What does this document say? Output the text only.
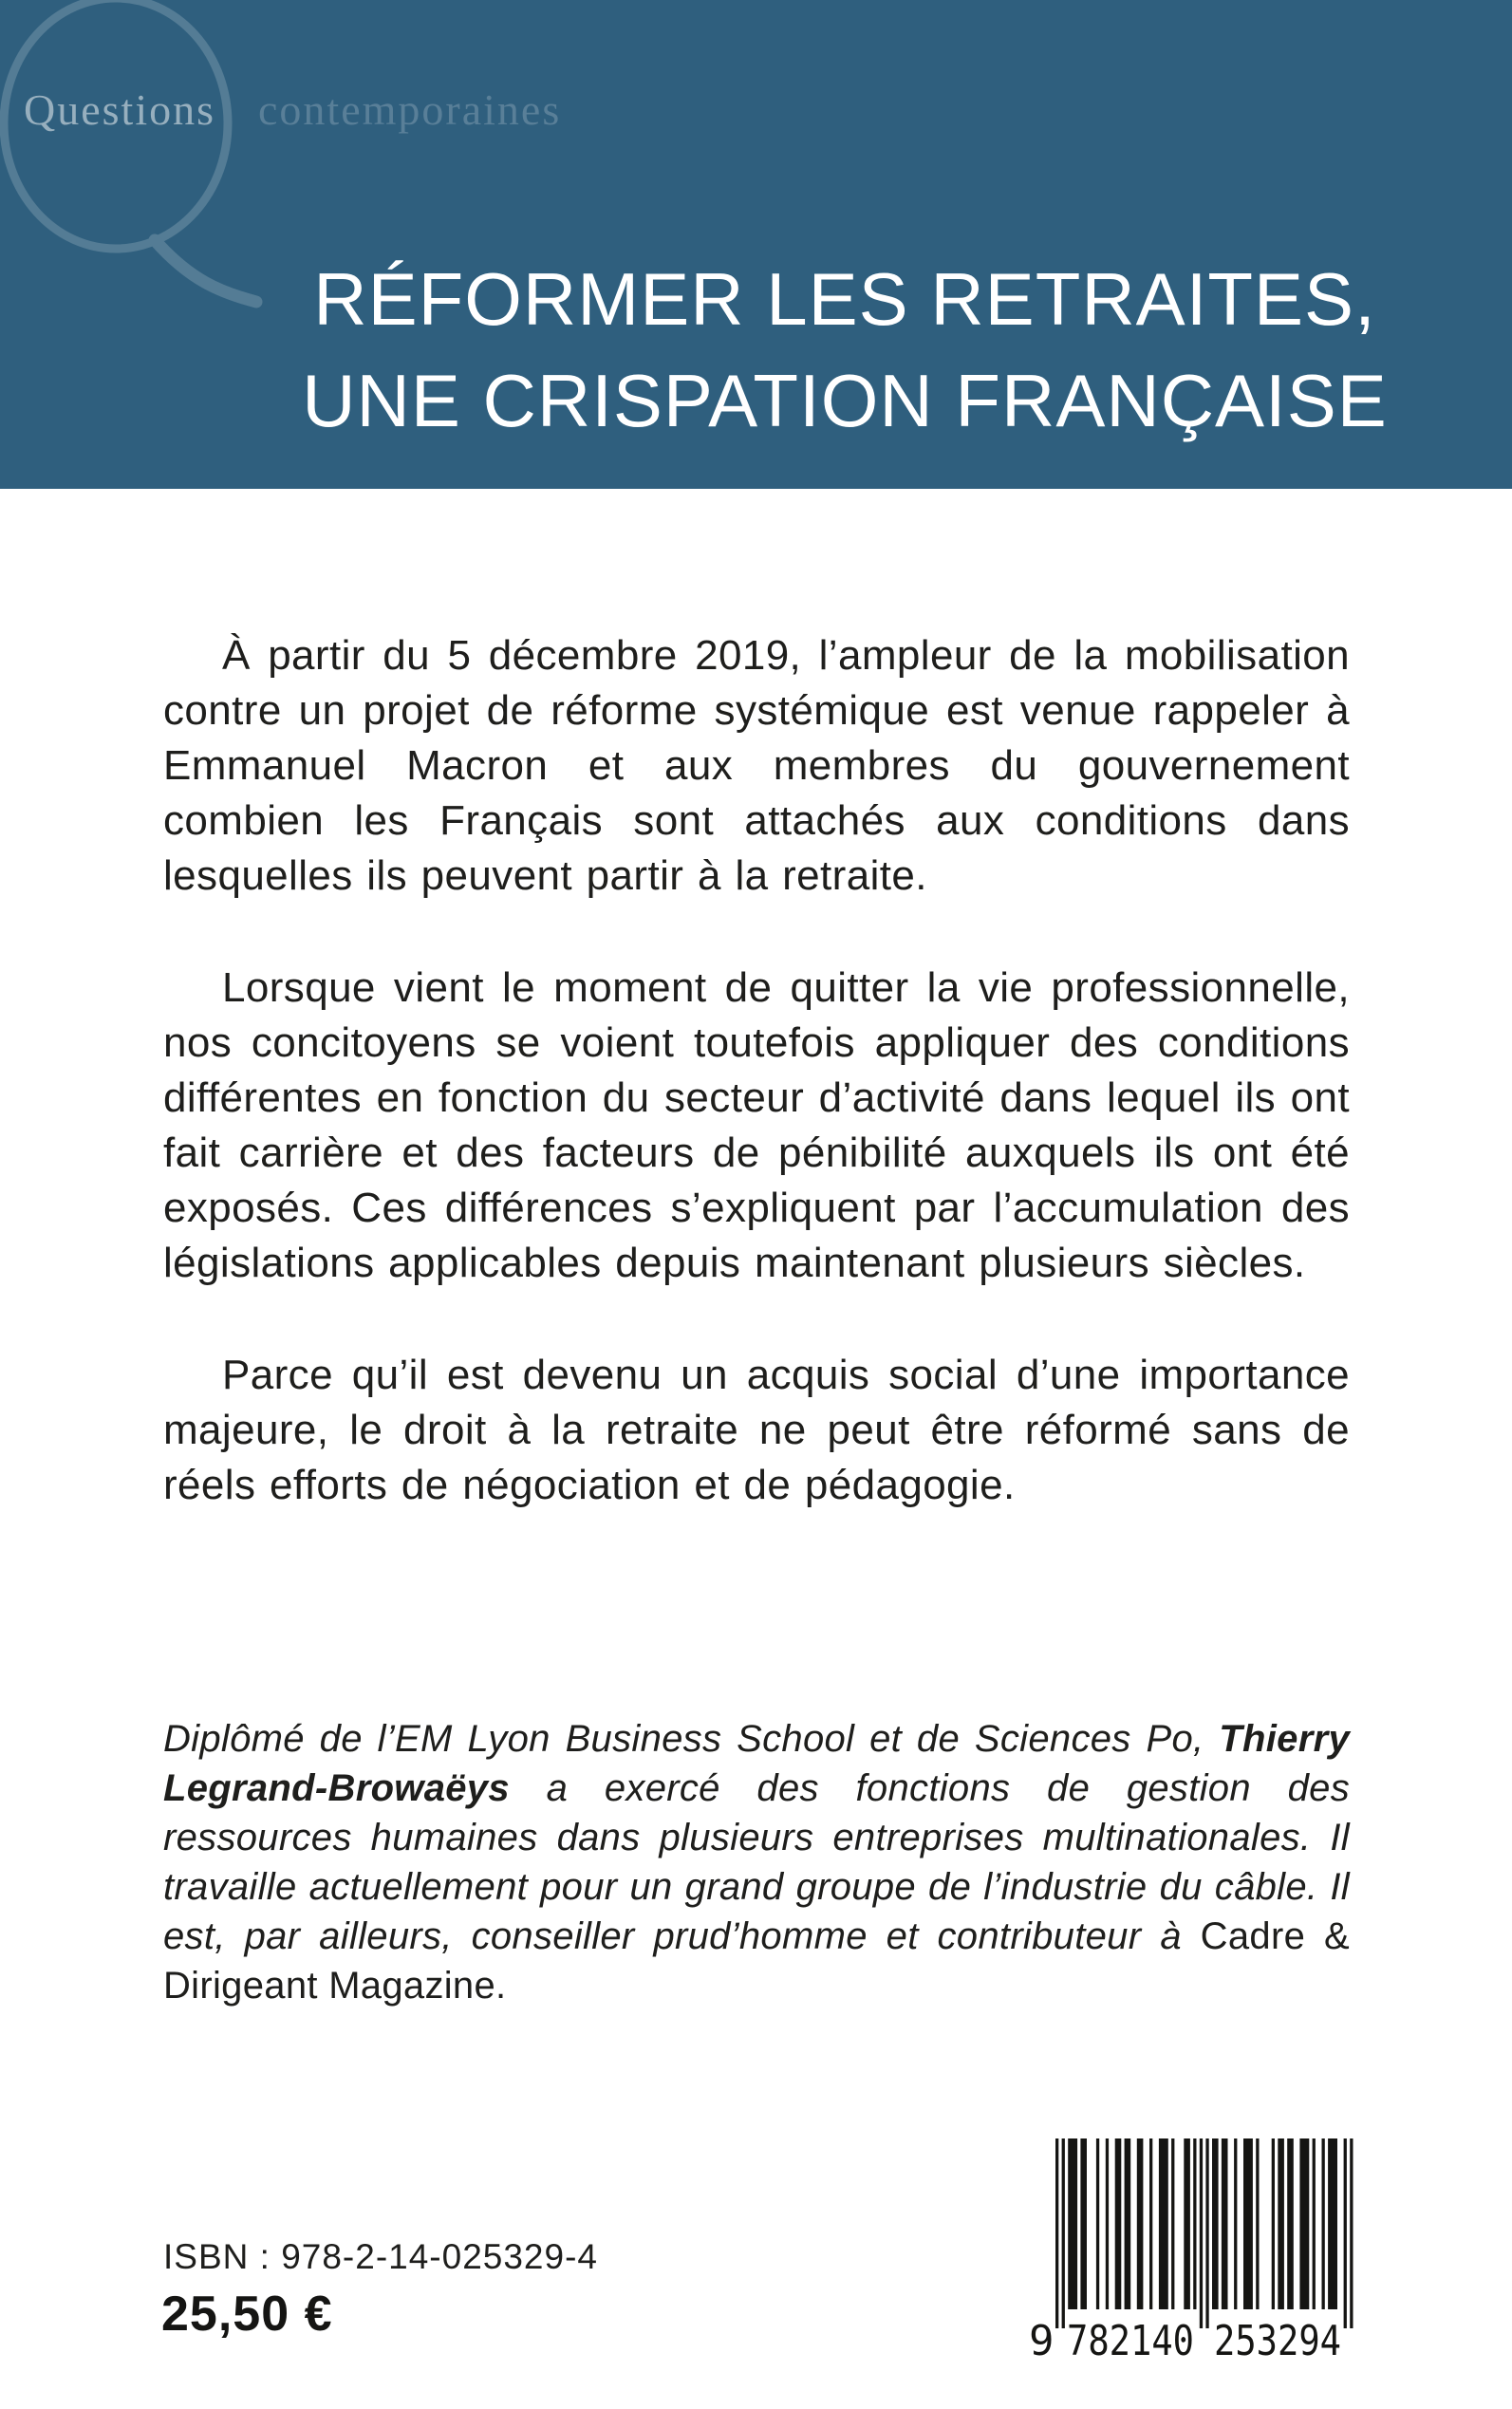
Questions contemporaines
RÉFORMER LES RETRAITES,
UNE CRISPATION FRANÇAISE

À partir du 5 décembre 2019, l’ampleur de la mobilisation contre un projet de réforme systémique est venue rappeler à Emmanuel Macron et aux membres du gouvernement combien les Français sont attachés aux conditions dans lesquelles ils peuvent partir à la retraite.

Lorsque vient le moment de quitter la vie professionnelle, nos concitoyens se voient toutefois appliquer des conditions différentes en fonction du secteur d’activité dans lequel ils ont fait carrière et des facteurs de pénibilité auxquels ils ont été exposés. Ces différences s’expliquent par l’accumulation des législations applicables depuis maintenant plusieurs siècles.

Parce qu’il est devenu un acquis social d’une importance majeure, le droit à la retraite ne peut être réformé sans de réels efforts de négociation et de pédagogie.

Diplômé de l’EM Lyon Business School et de Sciences Po, Thierry Legrand-Browaëys a exercé des fonctions de gestion des ressources humaines dans plusieurs entreprises multinationales. Il travaille actuellement pour un grand groupe de l’industrie du câble. Il est, par ailleurs, conseiller prud’homme et contributeur à Cadre & Dirigeant Magazine.

ISBN : 978-2-14-025329-4
25,50 €	9 782140 253294
